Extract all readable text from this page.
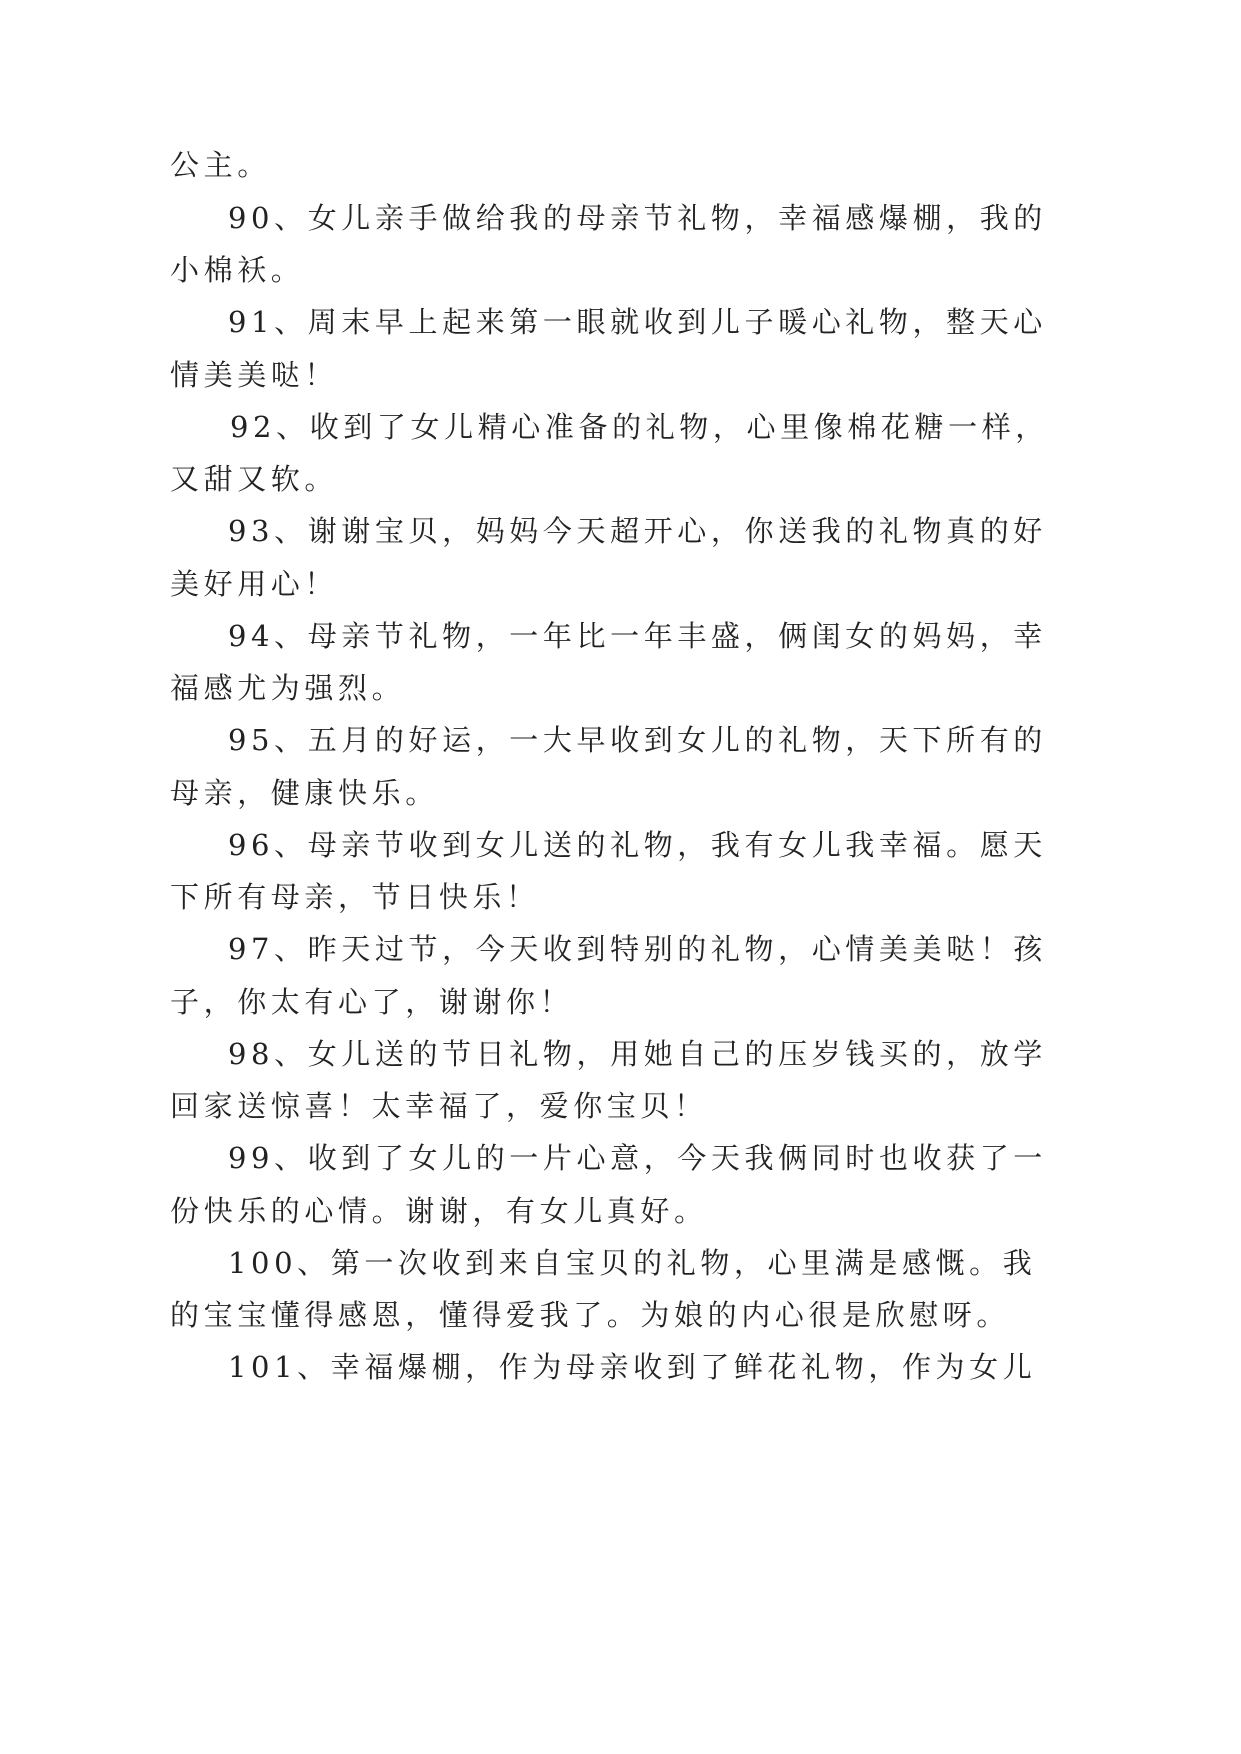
公主。

90、女儿亲手做给我的母亲节礼物，幸福感爆棚，我的

小棉袄。

91、周末早上起来第一眼就收到儿子暖心礼物，整天心

情美美哒！

92、收到了女儿精心准备的礼物，心里像棉花糖一样，

又甜又软。

93、谢谢宝贝，妈妈今天超开心，你送我的礼物真的好

美好用心！

94、母亲节礼物，一年比一年丰盛，俩闺女的妈妈，幸

福感尤为强烈。

95、五月的好运，一大早收到女儿的礼物，天下所有的

母亲，健康快乐。

96、母亲节收到女儿送的礼物，我有女儿我幸福。愿天

下所有母亲，节日快乐！

97、昨天过节，今天收到特别的礼物，心情美美哒！孩

子，你太有心了，谢谢你！

98、女儿送的节日礼物，用她自己的压岁钱买的，放学

回家送惊喜！太幸福了，爱你宝贝！

99、收到了女儿的一片心意，今天我俩同时也收获了一

份快乐的心情。谢谢，有女儿真好。

100、第一次收到来自宝贝的礼物，心里满是感慨。我

的宝宝懂得感恩，懂得爱我了。为娘的内心很是欣慰呀。

101、幸福爆棚，作为母亲收到了鲜花礼物，作为女儿
